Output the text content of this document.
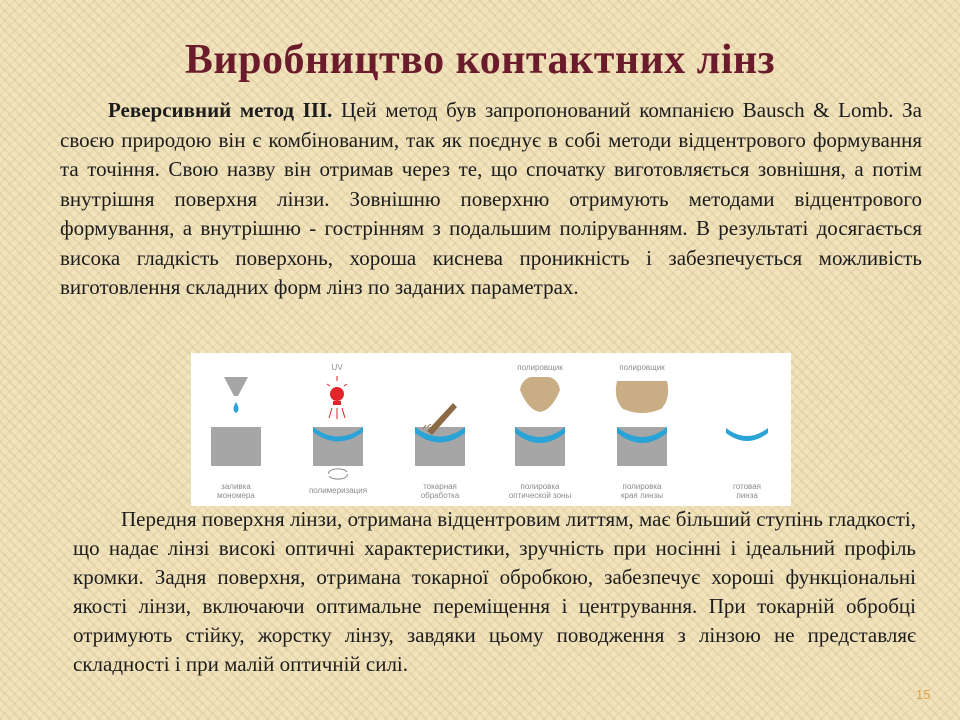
Виробництво контактних лінз

Реверсивний метод ІІІ. Цей метод був запропонований компанією Bausch & Lomb. За своєю природою він є комбінованим, так як поєднує в собі методи відцентрового формування та точіння. Свою назву він отримав через те, що спочатку виготовляється зовнішня, а потім внутрішня поверхня лінзи. Зовнішню поверхню отримують методами відцентрового формування, а внутрішню - гострінням з подальшим поліруванням. В результаті досягається висока гладкість поверхонь, хороша киснева проникність і забезпечується можливість виготовлення складних форм лінз по заданих параметрах.

заливка
мономера
UV
полимеризация	токарная
обработка
полировщик
полировка
оптической зоны
полировщик
полировка
края линзы
готовая
линза

Передня поверхня лінзи, отримана відцентровим литтям, має більший ступінь гладкості, що надає лінзі високі оптичні характеристики, зручність при носінні і ідеальний профіль кромки. Задня поверхня, отримана токарної обробкою, забезпечує хороші функціональні якості лінзи, включаючи оптимальне переміщення і центрування. При токарній обробці отримують стійку, жорстку лінзу, завдяки цьому поводження з лінзою не представляє складності і при малій оптичній силі.

15
